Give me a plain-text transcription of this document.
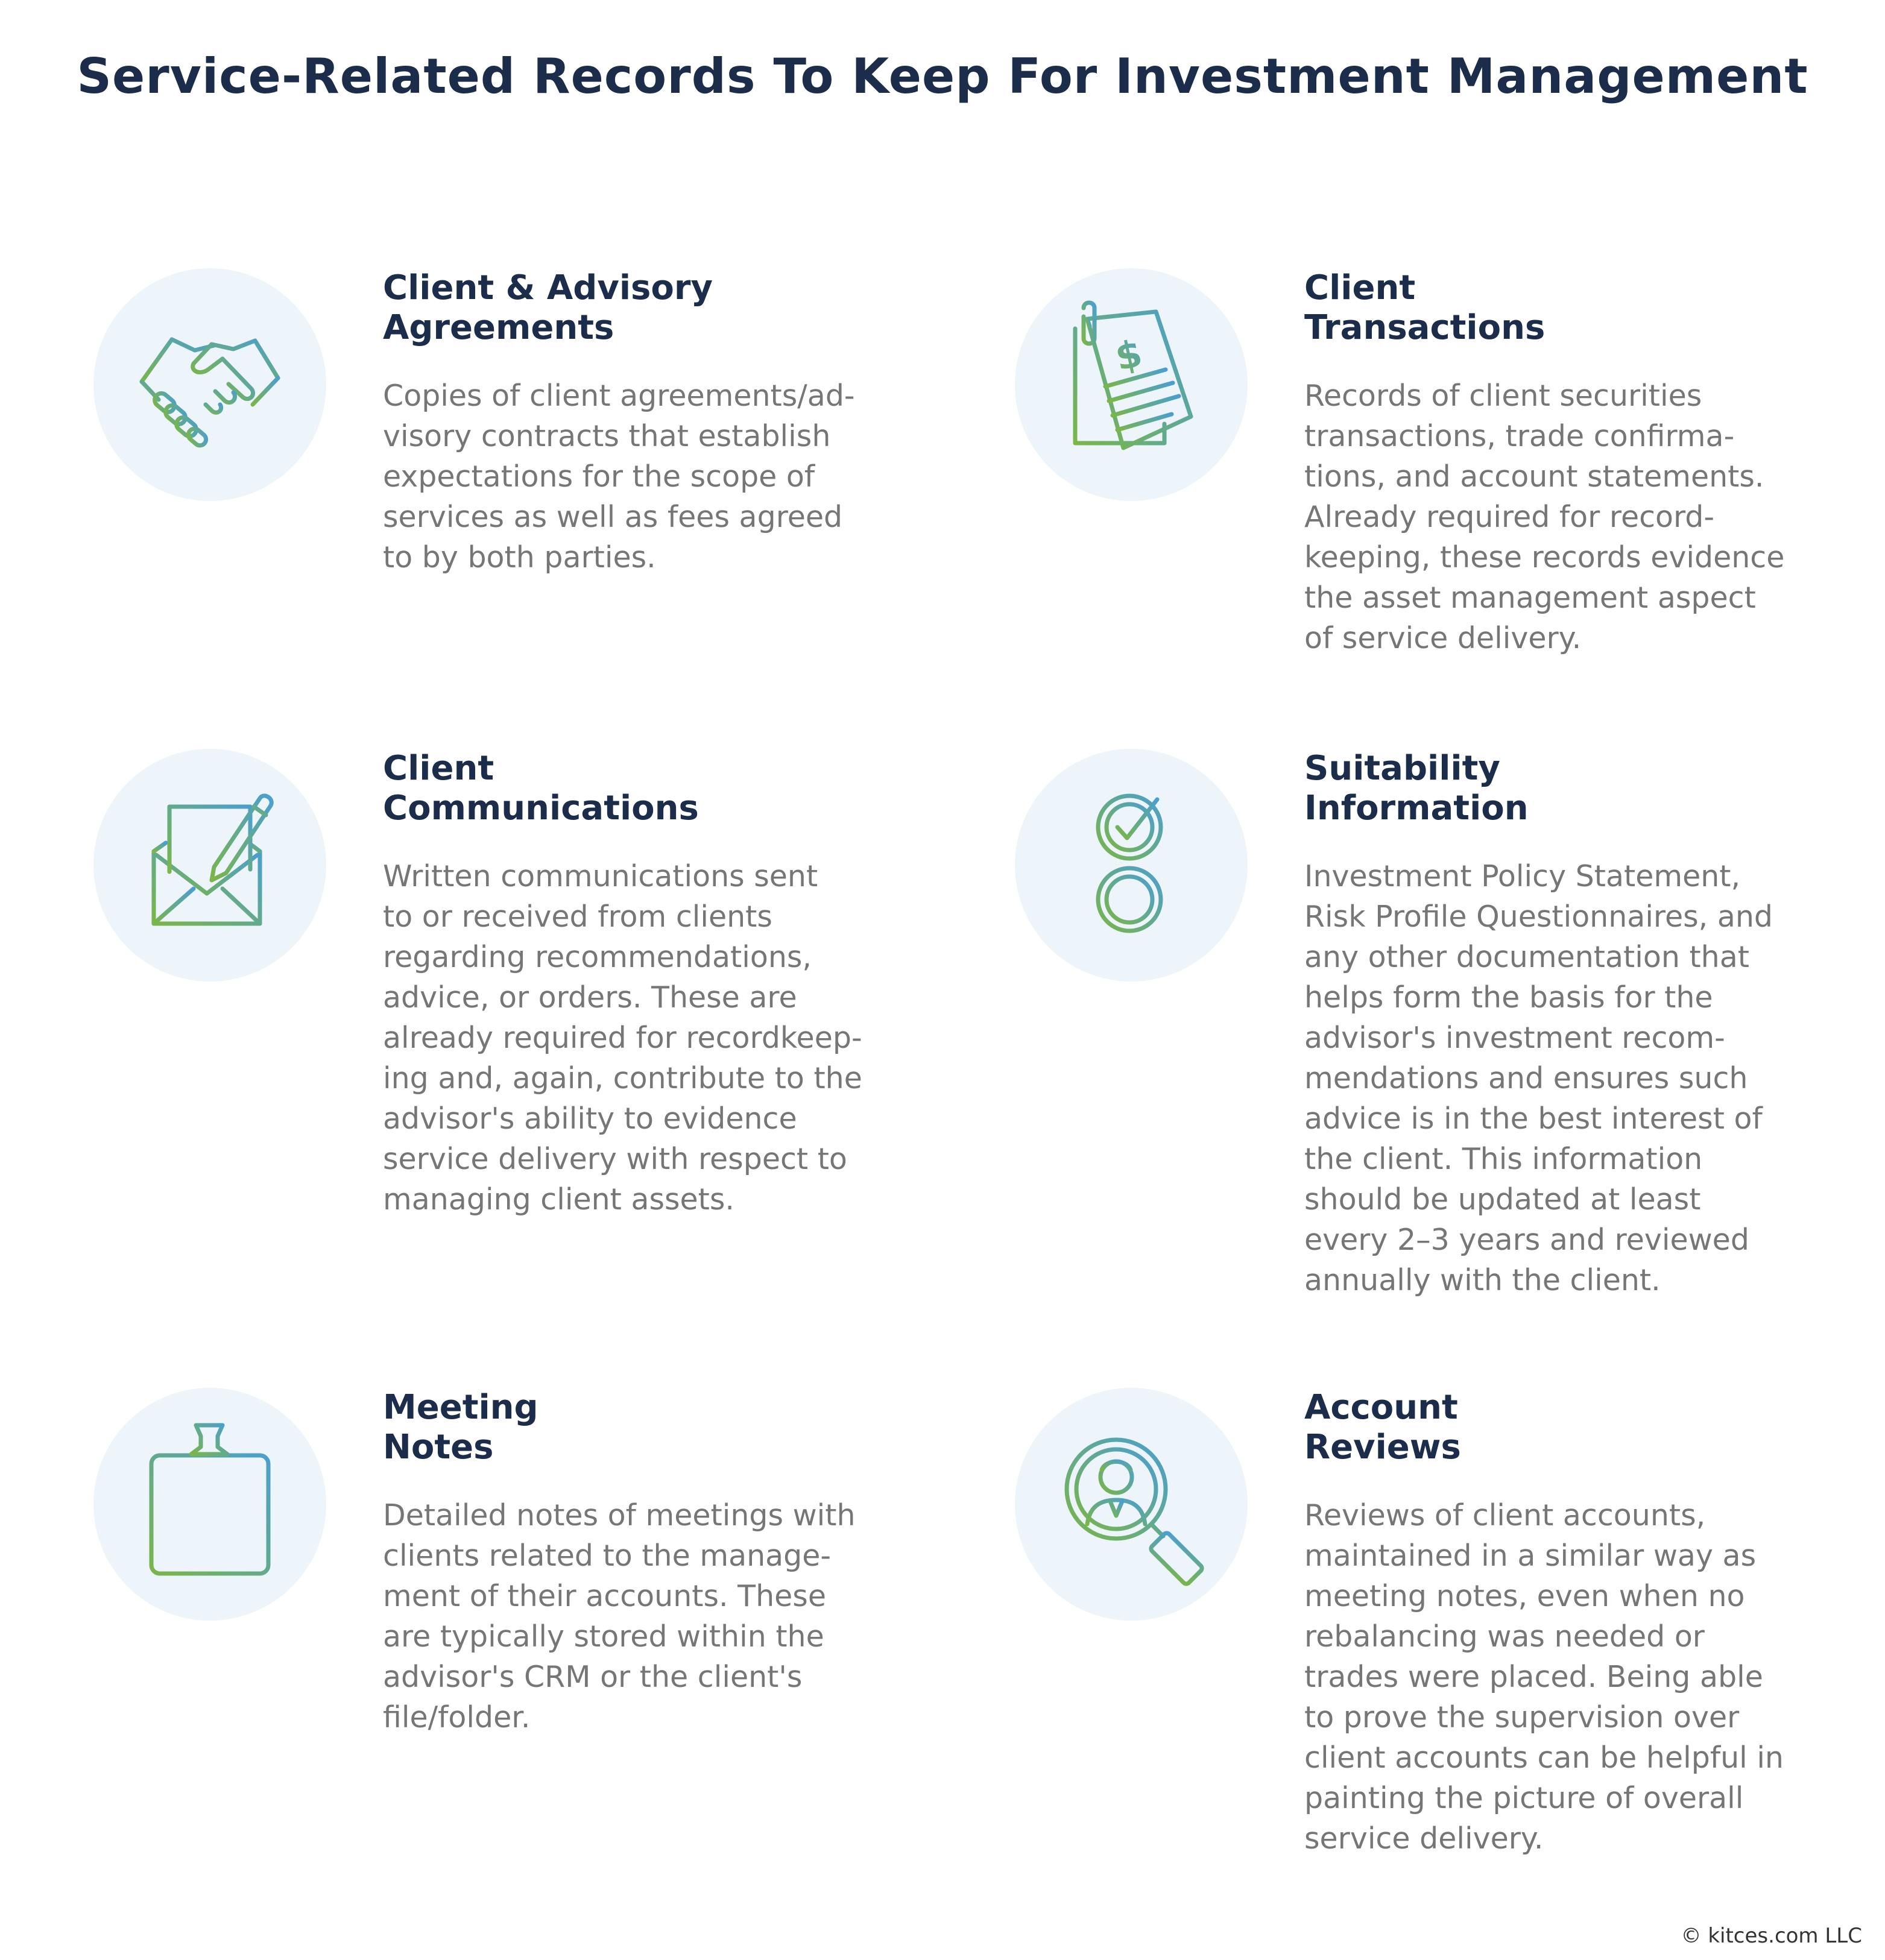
Service-Related Records To Keep For Investment Management
Client & Advisory
Agreements

Copies of client agreements/ad-
visory contracts that establish
expectations for the scope of
services as well as fees agreed
to by both parties.

$
Client
Transactions

Records of client securities
transactions, trade confirma-
tions, and account statements.
Already required for record-
keeping, these records evidence
the asset management aspect
of service delivery.

Client
Communications

Written communications sent
to or received from clients
regarding recommendations,
advice, or orders. These are
already required for recordkeep-
ing and, again, contribute to the
advisor's ability to evidence
service delivery with respect to
managing client assets.

Suitability
Information

Investment Policy Statement,
Risk Profile Questionnaires, and
any other documentation that
helps form the basis for the
advisor's investment recom-
mendations and ensures such
advice is in the best interest of
the client. This information
should be updated at least
every 2–3 years and reviewed
annually with the client.

Meeting
Notes

Detailed notes of meetings with
clients related to the manage-
ment of their accounts. These
are typically stored within the
advisor's CRM or the client's
file/folder.

Account
Reviews

Reviews of client accounts,
maintained in a similar way as
meeting notes, even when no
rebalancing was needed or
trades were placed. Being able
to prove the supervision over
client accounts can be helpful in
painting the picture of overall
service delivery.

© kitces.com LLC
